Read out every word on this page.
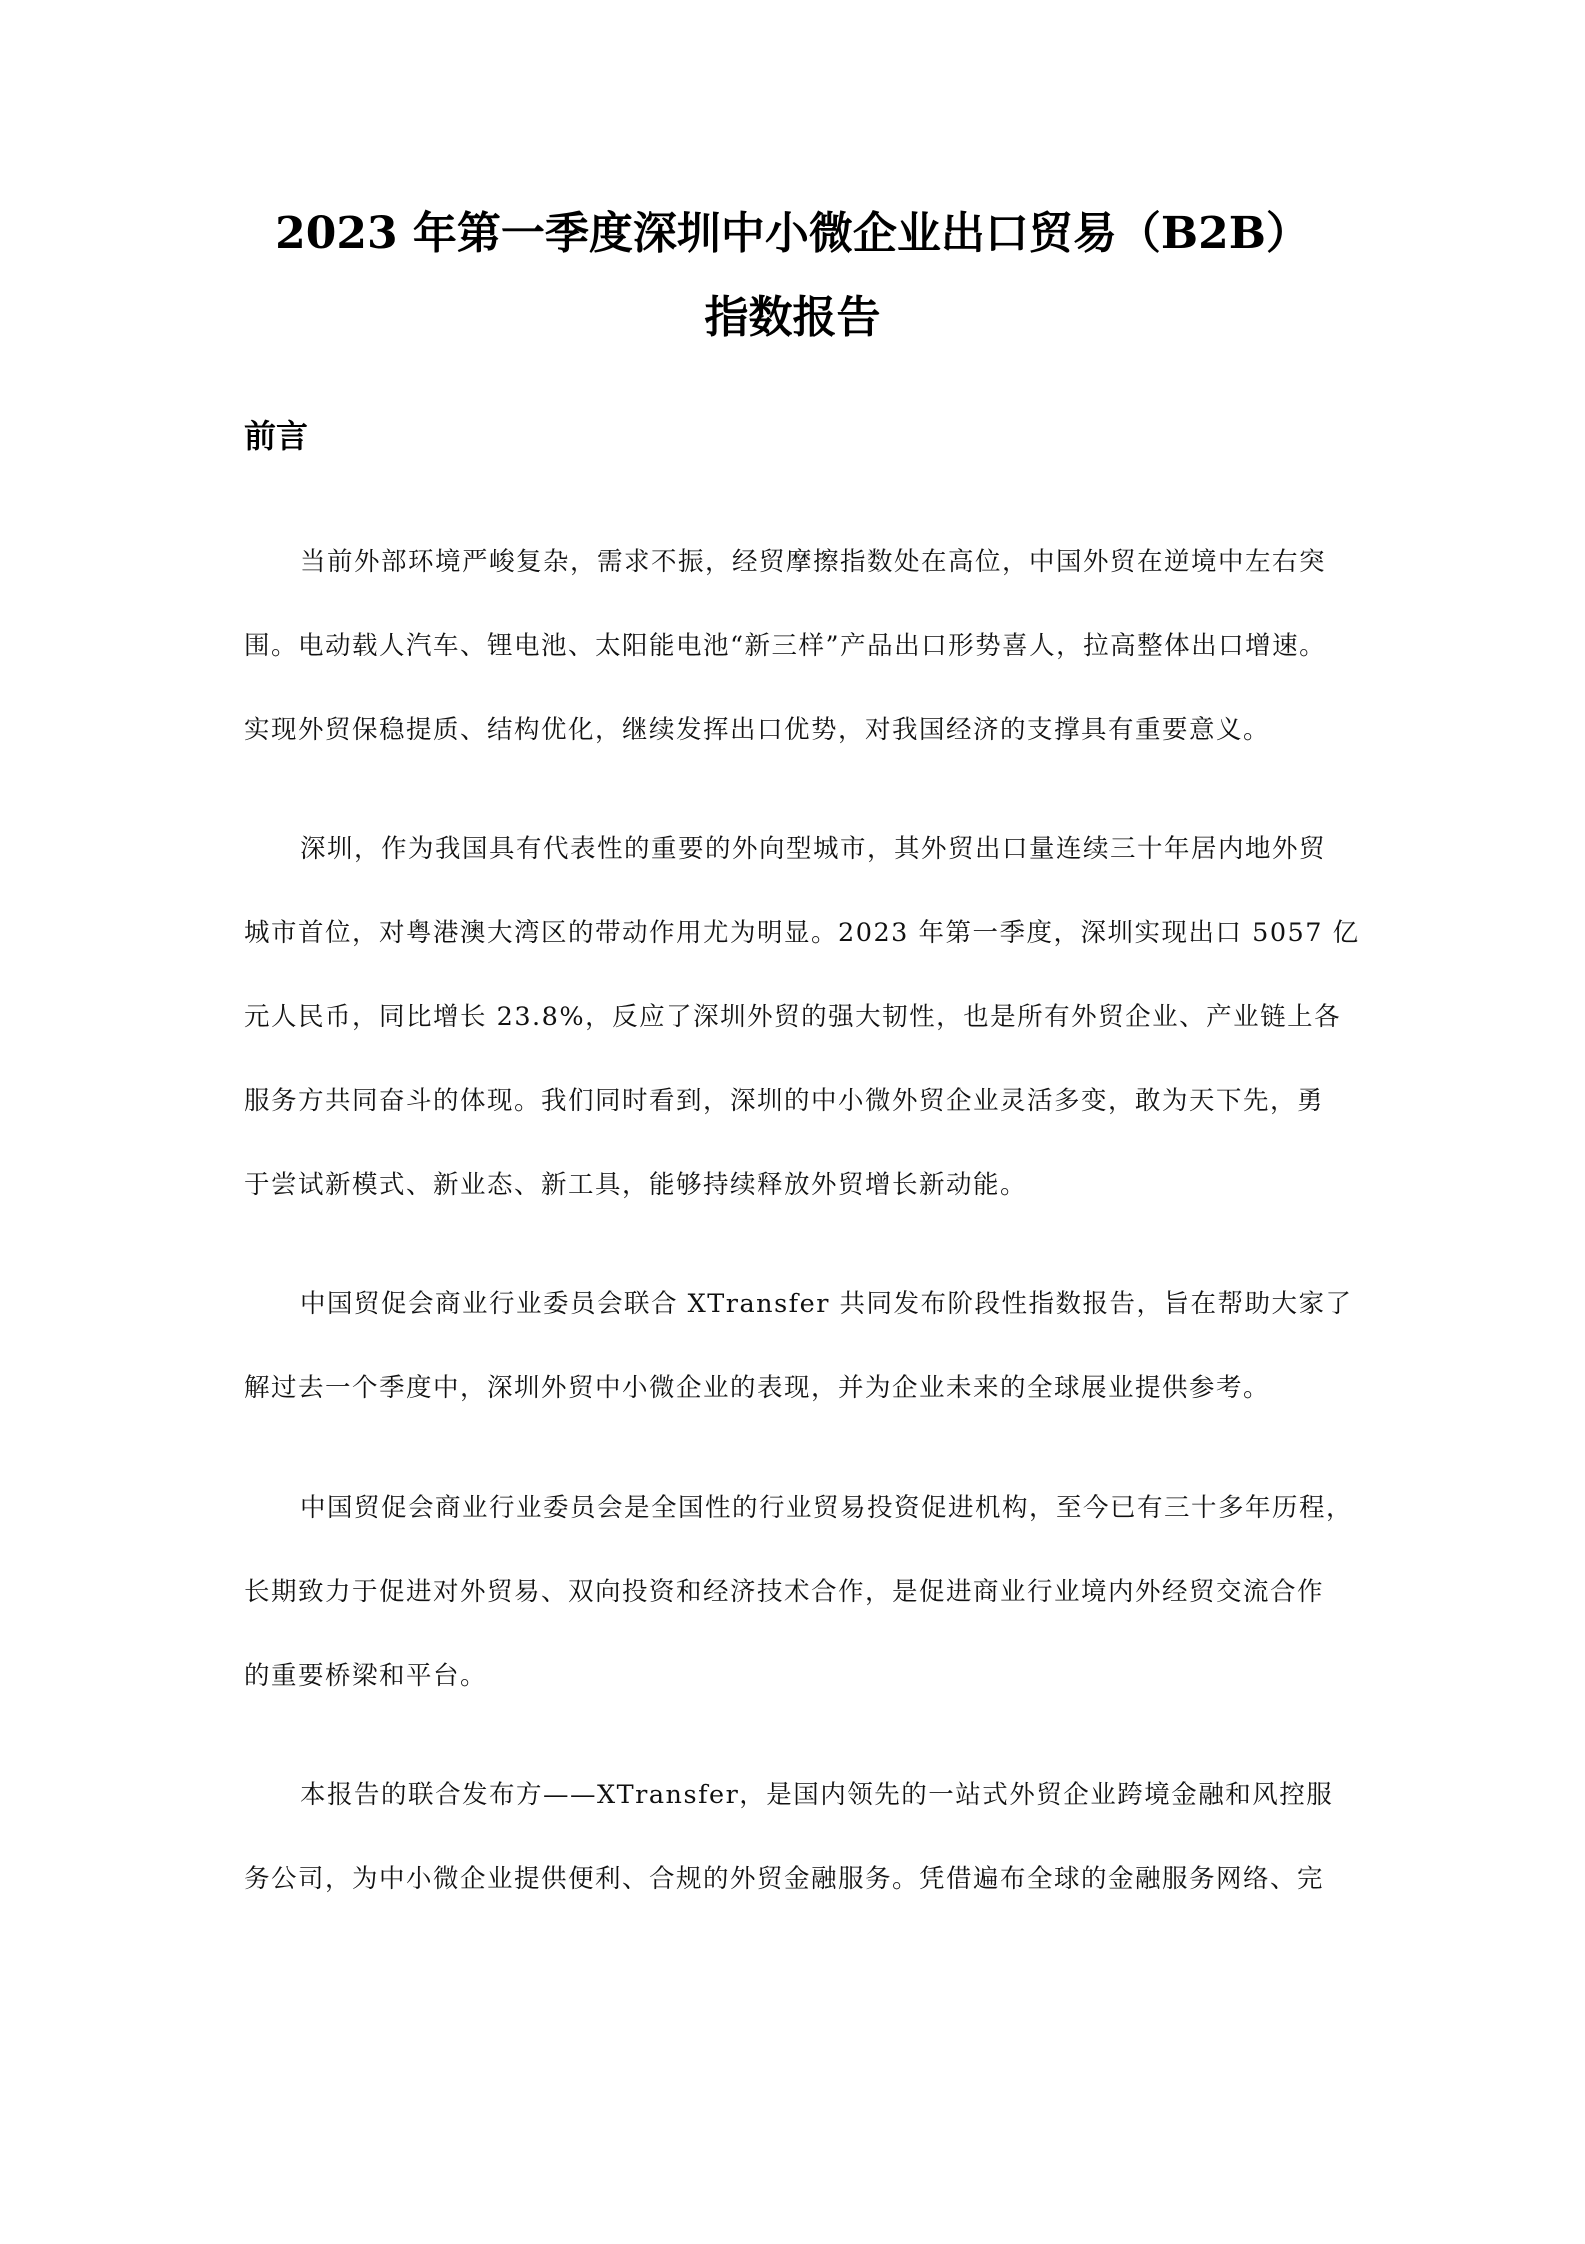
2023 年第一季度深圳中小微企业出口贸易（B2B）
指数报告
前言
当前外部环境严峻复杂，需求不振，经贸摩擦指数处在高位，中国外贸在逆境中左右突
围。电动载人汽车、锂电池、太阳能电池“新三样”产品出口形势喜人，拉高整体出口增速。
实现外贸保稳提质、结构优化，继续发挥出口优势，对我国经济的支撑具有重要意义。
深圳，作为我国具有代表性的重要的外向型城市，其外贸出口量连续三十年居内地外贸
城市首位，对粤港澳大湾区的带动作用尤为明显。2023 年第一季度，深圳实现出口 5057 亿
元人民币，同比增长 23.8%，反应了深圳外贸的强大韧性，也是所有外贸企业、产业链上各
服务方共同奋斗的体现。我们同时看到，深圳的中小微外贸企业灵活多变，敢为天下先，勇
于尝试新模式、新业态、新工具，能够持续释放外贸增长新动能。
中国贸促会商业行业委员会联合 XTransfer 共同发布阶段性指数报告，旨在帮助大家了
解过去一个季度中，深圳外贸中小微企业的表现，并为企业未来的全球展业提供参考。
中国贸促会商业行业委员会是全国性的行业贸易投资促进机构，至今已有三十多年历程，
长期致力于促进对外贸易、双向投资和经济技术合作，是促进商业行业境内外经贸交流合作
的重要桥梁和平台。
本报告的联合发布方——XTransfer，是国内领先的一站式外贸企业跨境金融和风控服
务公司，为中小微企业提供便利、合规的外贸金融服务。凭借遍布全球的金融服务网络、完
